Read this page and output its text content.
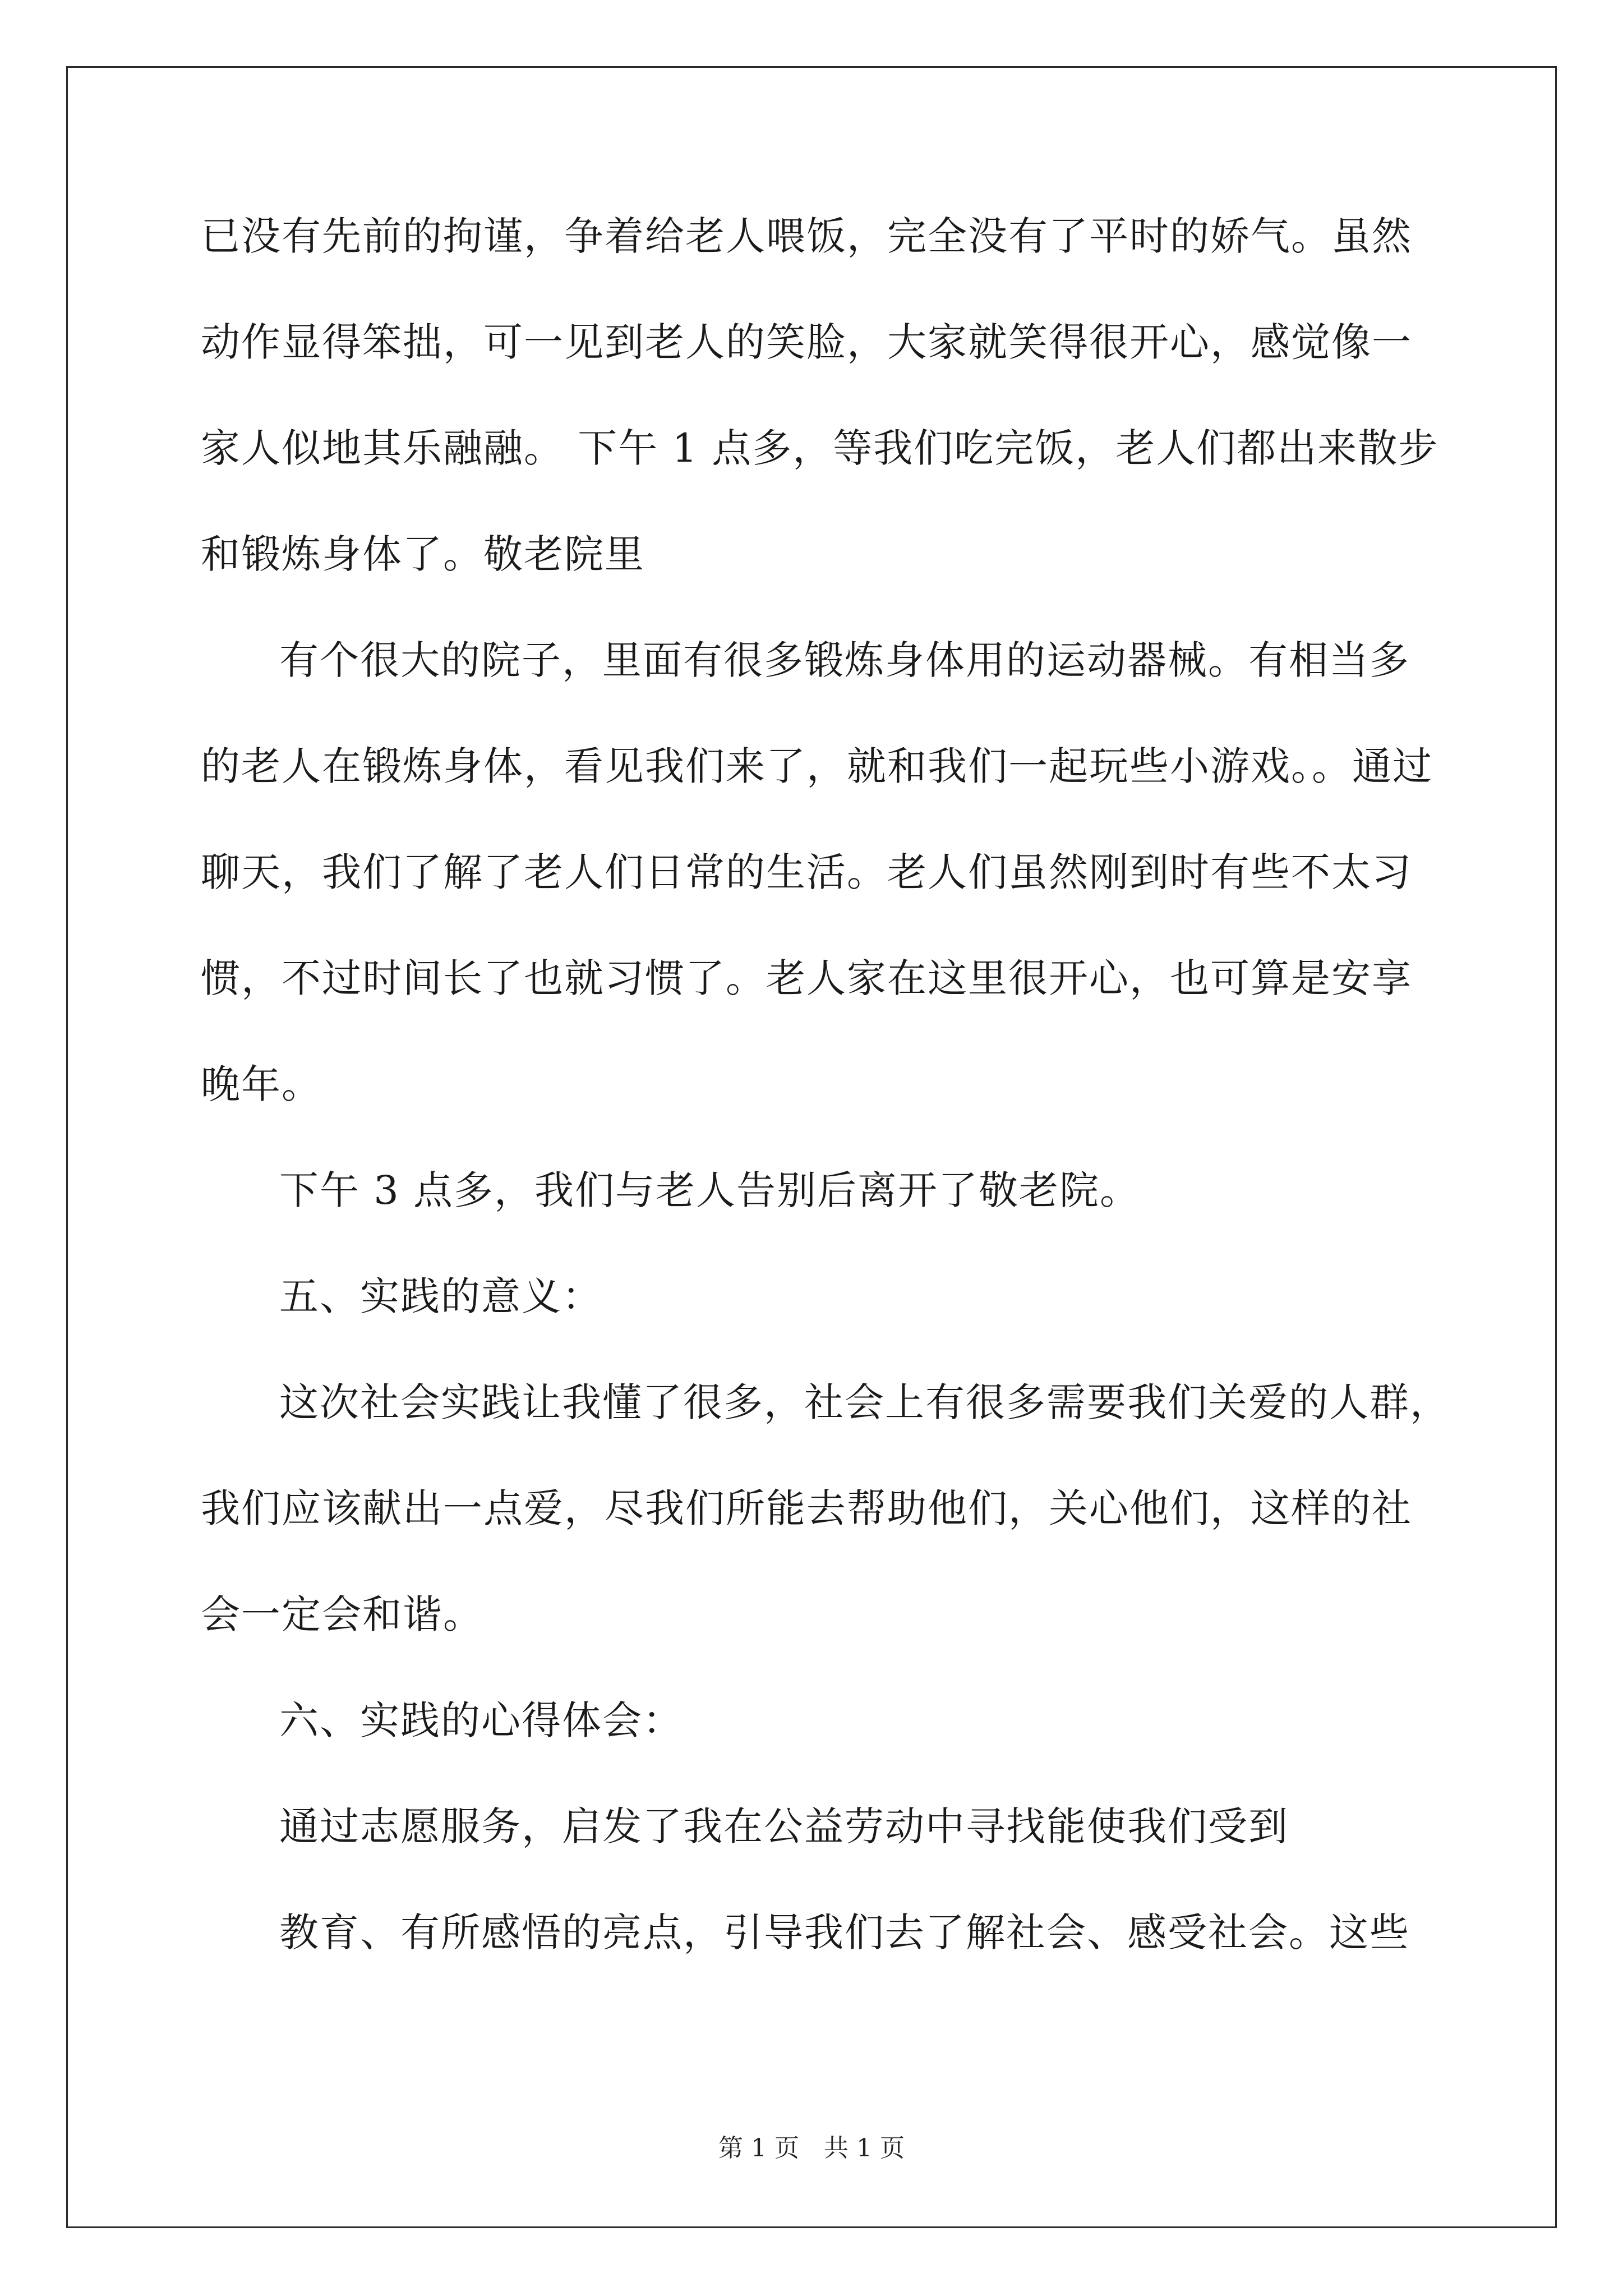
已没有先前的拘谨，争着给老人喂饭，完全没有了平时的娇气。虽然
动作显得笨拙，可一见到老人的笑脸，大家就笑得很开心，感觉像一
家人似地其乐融融。 下午 1 点多，等我们吃完饭，老人们都出来散步
和锻炼身体了。敬老院里
有个很大的院子，里面有很多锻炼身体用的运动器械。有相当多
的老人在锻炼身体，看见我们来了，就和我们一起玩些小游戏。。通过
聊天，我们了解了老人们日常的生活。老人们虽然刚到时有些不太习
惯，不过时间长了也就习惯了。老人家在这里很开心，也可算是安享
晚年。
下午 3 点多，我们与老人告别后离开了敬老院。
五、实践的意义：
这次社会实践让我懂了很多，社会上有很多需要我们关爱的人群，
我们应该献出一点爱，尽我们所能去帮助他们，关心他们，这样的社
会一定会和谐。
六、实践的心得体会：
通过志愿服务，启发了我在公益劳动中寻找能使我们受到
教育、有所感悟的亮点，引导我们去了解社会、感受社会。这些
第 1 页　共 1 页
